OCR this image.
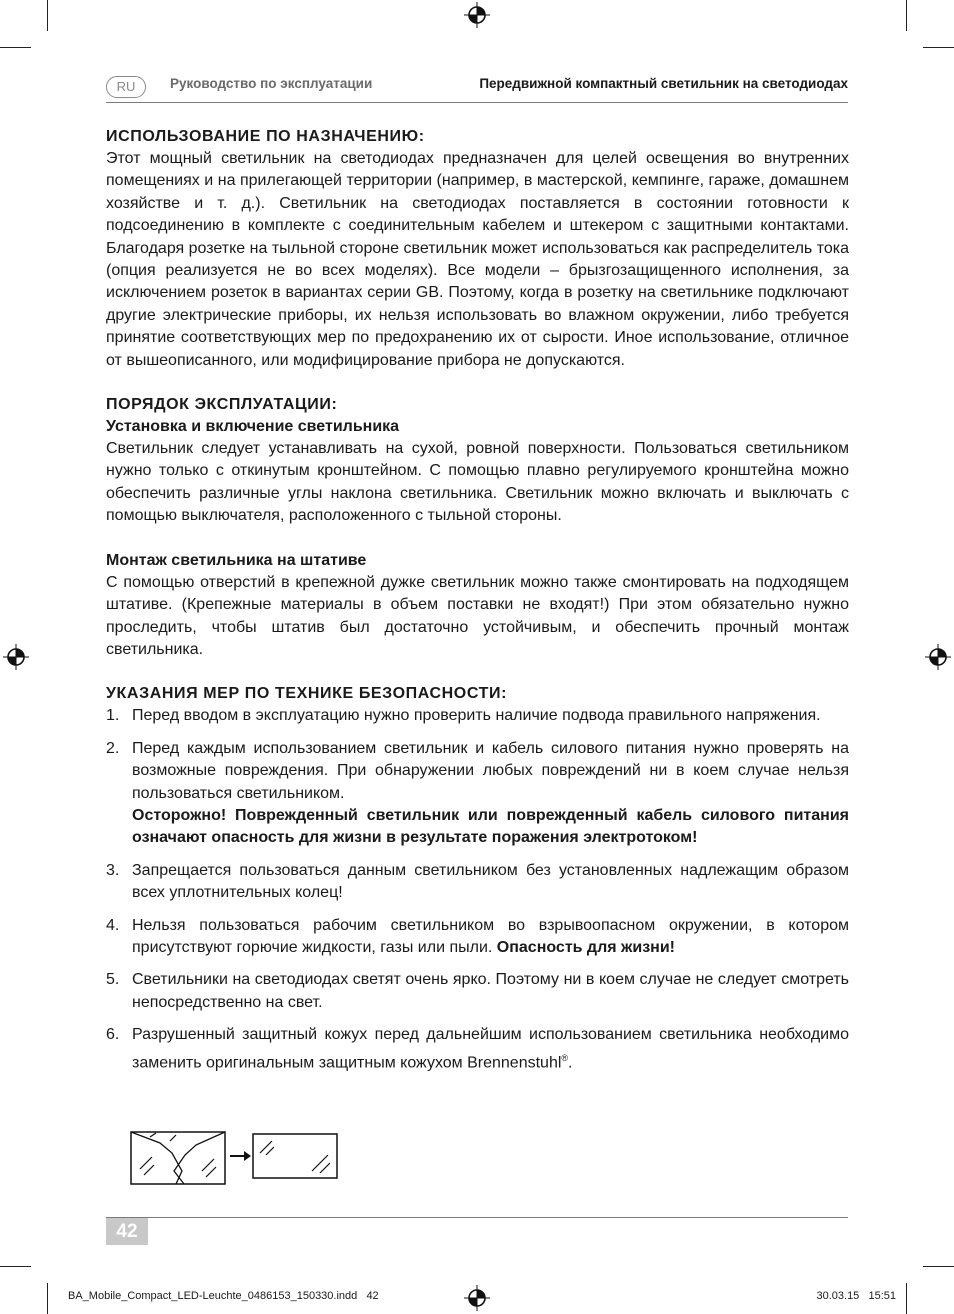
RU	Руководство по эксплуатации	Передвижной компактный светильник на светодиодах
ИСПОЛЬЗОВАНИЕ ПО НАЗНАЧЕНИЮ:

Этот мощный светильник на светодиодах предназначен для целей освещения во внутренних помещениях и на прилегающей территории (например, в мастерской, кемпинге, гараже, домашнем хозяйстве и т. д.). Светильник на светодиодах поставляется в состоянии готовности к подсоединению в комплекте с соединительным кабелем и штекером с защитными контактами. Благодаря розетке на тыльной стороне светильник может использоваться как распределитель тока (опция реализуется не во всех моделях). Все модели – брызгозащищенного исполнения, за исключением розеток в вариантах серии GB. Поэтому, когда в розетку на светильнике подключают другие электрические приборы, их нельзя использовать во влажном окружении, либо требуется принятие соответствующих мер по предохранению их от сырости. Иное использование, отличное от вышеописанного, или модифицирование прибора не допускаются.

ПОРЯДОК ЭКСПЛУАТАЦИИ:
Установка и включение светильника

Светильник следует устанавливать на сухой, ровной поверхности. Пользоваться светильником нужно только с откинутым кронштейном. С помощью плавно регулируемого кронштейна можно обеспечить различные углы наклона светильника. Светильник можно включать и выключать с помощью выключателя, расположенного с тыльной стороны.

Монтаж светильника на штативе

С помощью отверстий в крепежной дужке светильник можно также смонтировать на подходящем штативе. (Крепежные материалы в объем поставки не входят!) При этом обязательно нужно проследить, чтобы штатив был достаточно устойчивым, и обеспечить прочный монтаж светильника.

УКАЗАНИЯ МЕР ПО ТЕХНИКЕ БЕЗОПАСНОСТИ:
1. Перед вводом в эксплуатацию нужно проверить наличие подвода правильного напряжения.

2. Перед каждым использованием светильник и кабель силового питания нужно проверять на возможные повреждения. При обнаружении любых повреждений ни в коем случае нельзя пользоваться светильником.

Осторожно! Поврежденный светильник или поврежденный кабель силового питания означают опасность для жизни в результате поражения электротоком!

3. Запрещается пользоваться данным светильником без установленных надлежащим образом всех уплотнительных колец!

4. Нельзя пользоваться рабочим светильником во взрывоопасном окружении, в котором присутствуют горючие жидкости, газы или пыли. Опасность для жизни!

5. Светильники на светодиодах светят очень ярко. Поэтому ни в коем случае не следует смотреть непосредственно на свет.

6. Разрушенный защитный кожух перед дальнейшим использованием светильника необходимо заменить оригинальным защитным кожухом Brennenstuhl®.

42
BA_Mobile_Compact_LED-Leuchte_0486153_150330.indd   42	30.03.15   15:51
